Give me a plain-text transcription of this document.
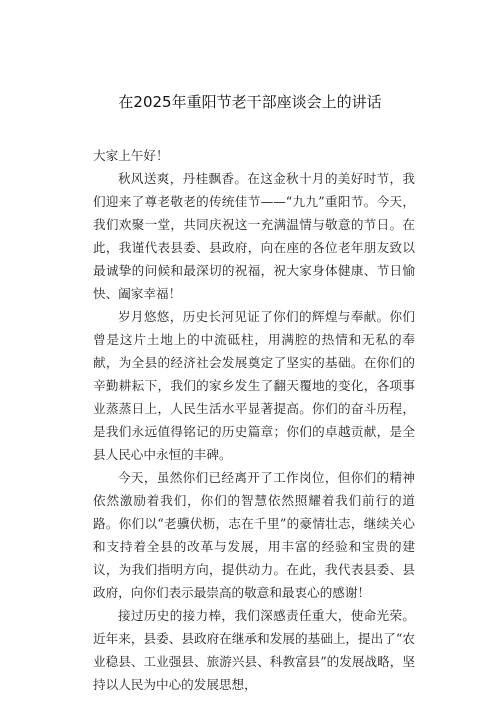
在2025年重阳节老干部座谈会上的讲话

大家上午好！

秋风送爽，丹桂飘香。在这金秋十月的美好时节，我们迎来了尊老敬老的传统佳节——“九九”重阳节。今天，我们欢聚一堂，共同庆祝这一充满温情与敬意的节日。在此，我谨代表县委、县政府，向在座的各位老年朋友致以最诚挚的问候和最深切的祝福，祝大家身体健康、节日愉快、阖家幸福！

岁月悠悠，历史长河见证了你们的辉煌与奉献。你们曾是这片土地上的中流砥柱，用满腔的热情和无私的奉献，为全县的经济社会发展奠定了坚实的基础。在你们的辛勤耕耘下，我们的家乡发生了翻天覆地的变化，各项事业蒸蒸日上，人民生活水平显著提高。你们的奋斗历程，是我们永远值得铭记的历史篇章；你们的卓越贡献，是全县人民心中永恒的丰碑。

今天，虽然你们已经离开了工作岗位，但你们的精神依然激励着我们，你们的智慧依然照耀着我们前行的道路。你们以“老骥伏枥，志在千里”的豪情壮志，继续关心和支持着全县的改革与发展，用丰富的经验和宝贵的建议，为我们指明方向，提供动力。在此，我代表县委、县政府，向你们表示最崇高的敬意和最衷心的感谢！

接过历史的接力棒，我们深感责任重大，使命光荣。近年来，县委、县政府在继承和发展的基础上，提出了“农业稳县、工业强县、旅游兴县、科教富县”的发展战略，坚持以人民为中心的发展思想，
